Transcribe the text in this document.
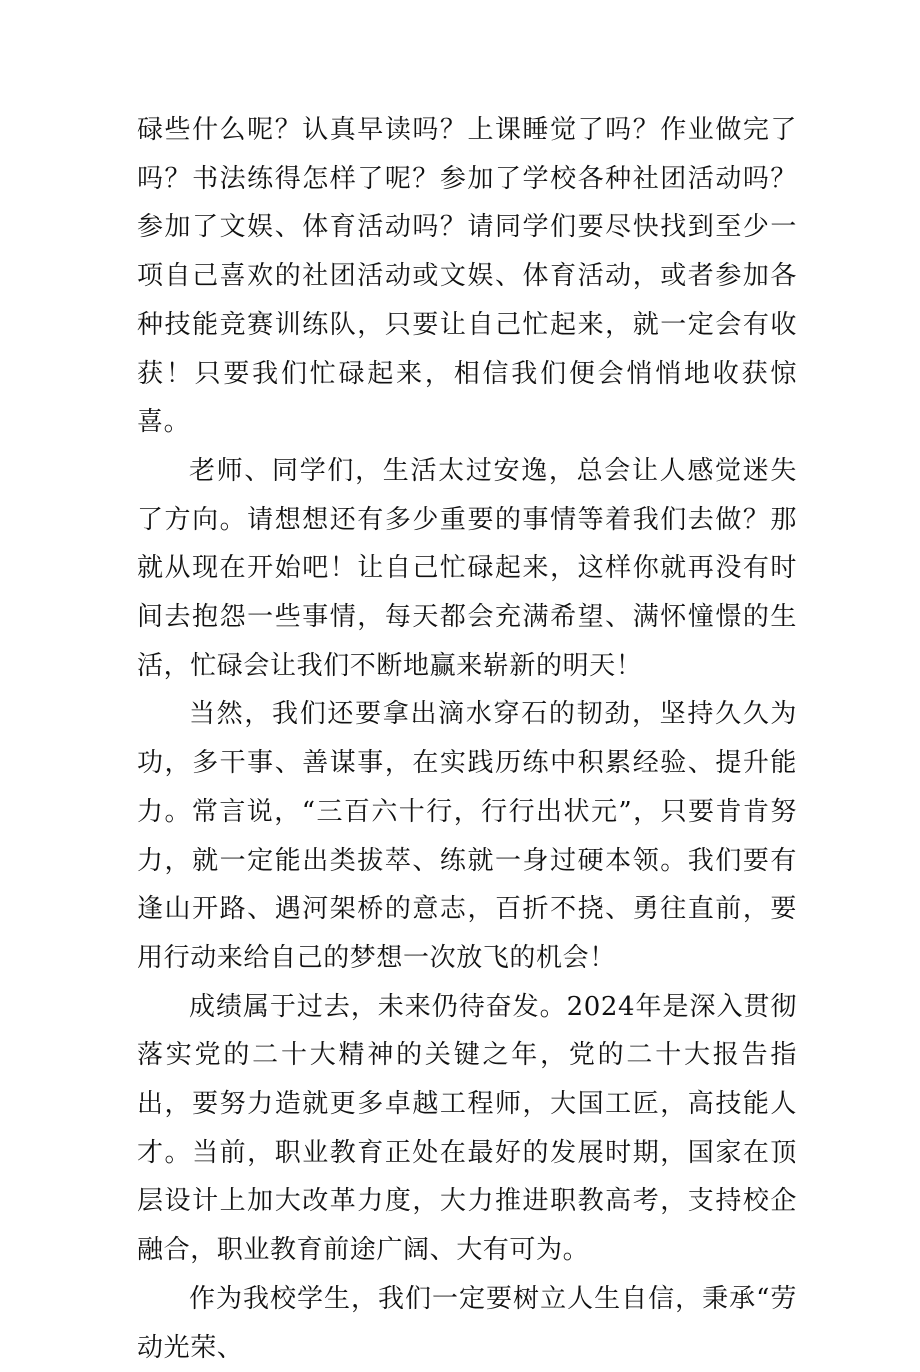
碌些什么呢？认真早读吗？上课睡觉了吗？作业做完了吗？书法练得怎样了呢？参加了学校各种社团活动吗？参加了文娱、体育活动吗？请同学们要尽快找到至少一项自己喜欢的社团活动或文娱、体育活动，或者参加各种技能竞赛训练队，只要让自己忙起来，就一定会有收获！只要我们忙碌起来，相信我们便会悄悄地收获惊喜。

老师、同学们，生活太过安逸，总会让人感觉迷失了方向。请想想还有多少重要的事情等着我们去做？那就从现在开始吧！让自己忙碌起来，这样你就再没有时间去抱怨一些事情，每天都会充满希望、满怀憧憬的生活，忙碌会让我们不断地赢来崭新的明天！

当然，我们还要拿出滴水穿石的韧劲，坚持久久为功，多干事、善谋事，在实践历练中积累经验、提升能力。常言说，“三百六十行，行行出状元”，只要肯肯努力，就一定能出类拔萃、练就一身过硬本领。我们要有逢山开路、遇河架桥的意志，百折不挠、勇往直前，要用行动来给自己的梦想一次放飞的机会！

成绩属于过去，未来仍待奋发。2024年是深入贯彻落实党的二十大精神的关键之年，党的二十大报告指出，要努力造就更多卓越工程师，大国工匠，高技能人才。当前，职业教育正处在最好的发展时期，国家在顶层设计上加大改革力度，大力推进职教高考，支持校企融合，职业教育前途广阔、大有可为。

作为我校学生，我们一定要树立人生自信，秉承“劳动光荣、
